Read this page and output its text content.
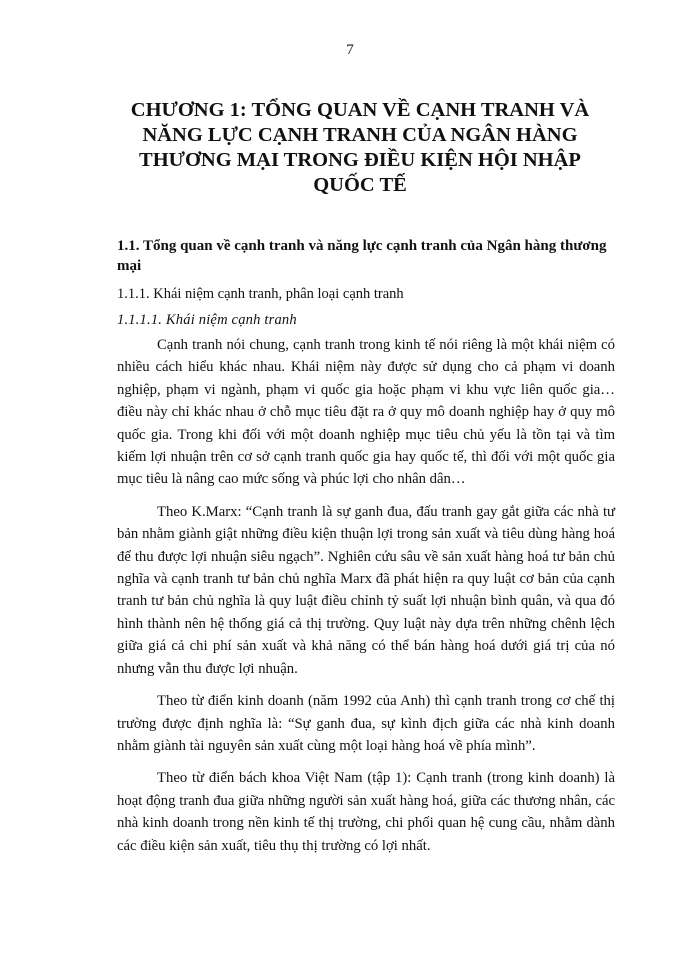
7
CHƯƠNG 1: TỔNG QUAN VỀ CẠNH TRANH VÀ NĂNG LỰC CẠNH TRANH CỦA NGÂN HÀNG THƯƠNG MẠI TRONG ĐIỀU KIỆN HỘI NHẬP QUỐC TẾ

1.1. Tổng quan về cạnh tranh và năng lực cạnh tranh của Ngân hàng thương mại

1.1.1. Khái niệm cạnh tranh, phân loại cạnh tranh

1.1.1.1. Khái niệm cạnh tranh

Cạnh tranh nói chung, cạnh tranh trong kinh tế nói riêng là một khái niệm có nhiều cách hiểu khác nhau. Khái niệm này được sử dụng cho cả phạm vi doanh nghiệp, phạm vi ngành, phạm vi quốc gia hoặc phạm vi khu vực liên quốc gia… điều này chỉ khác nhau ở chỗ mục tiêu đặt ra ở quy mô doanh nghiệp hay ở quy mô quốc gia. Trong khi đối với một doanh nghiệp mục tiêu chủ yếu là tồn tại và tìm kiếm lợi nhuận trên cơ sở cạnh tranh quốc gia hay quốc tế, thì đối với một quốc gia mục tiêu là nâng cao mức sống và phúc lợi cho nhân dân…

Theo K.Marx: “Cạnh tranh là sự ganh đua, đấu tranh gay gắt giữa các nhà tư bản nhằm giành giật những điều kiện thuận lợi trong sản xuất và tiêu dùng hàng hoá để thu được lợi nhuận siêu ngạch”. Nghiên cứu sâu về sản xuất hàng hoá tư bản chủ nghĩa và cạnh tranh tư bản chủ nghĩa Marx đã phát hiện ra quy luật cơ bản của cạnh tranh tư bản chủ nghĩa là quy luật điều chỉnh tỷ suất lợi nhuận bình quân, và qua đó hình thành nên hệ thống giá cả thị trường. Quy luật này dựa trên những chênh lệch giữa giá cả chi phí sản xuất và khả năng có thể bán hàng hoá dưới giá trị của nó nhưng vẫn thu được lợi nhuận.

Theo từ điển kinh doanh (năm 1992 của Anh) thì cạnh tranh trong cơ chế thị trường được định nghĩa là: “Sự ganh đua, sự kình địch giữa các nhà kinh doanh nhằm giành tài nguyên sản xuất cùng một loại hàng hoá về phía mình”.

Theo từ điển bách khoa Việt Nam (tập 1): Cạnh tranh (trong kinh doanh) là hoạt động tranh đua giữa những người sản xuất hàng hoá, giữa các thương nhân, các nhà kinh doanh trong nền kinh tế thị trường, chi phối quan hệ cung cầu, nhằm dành các điều kiện sản xuất, tiêu thụ thị trường có lợi nhất.
